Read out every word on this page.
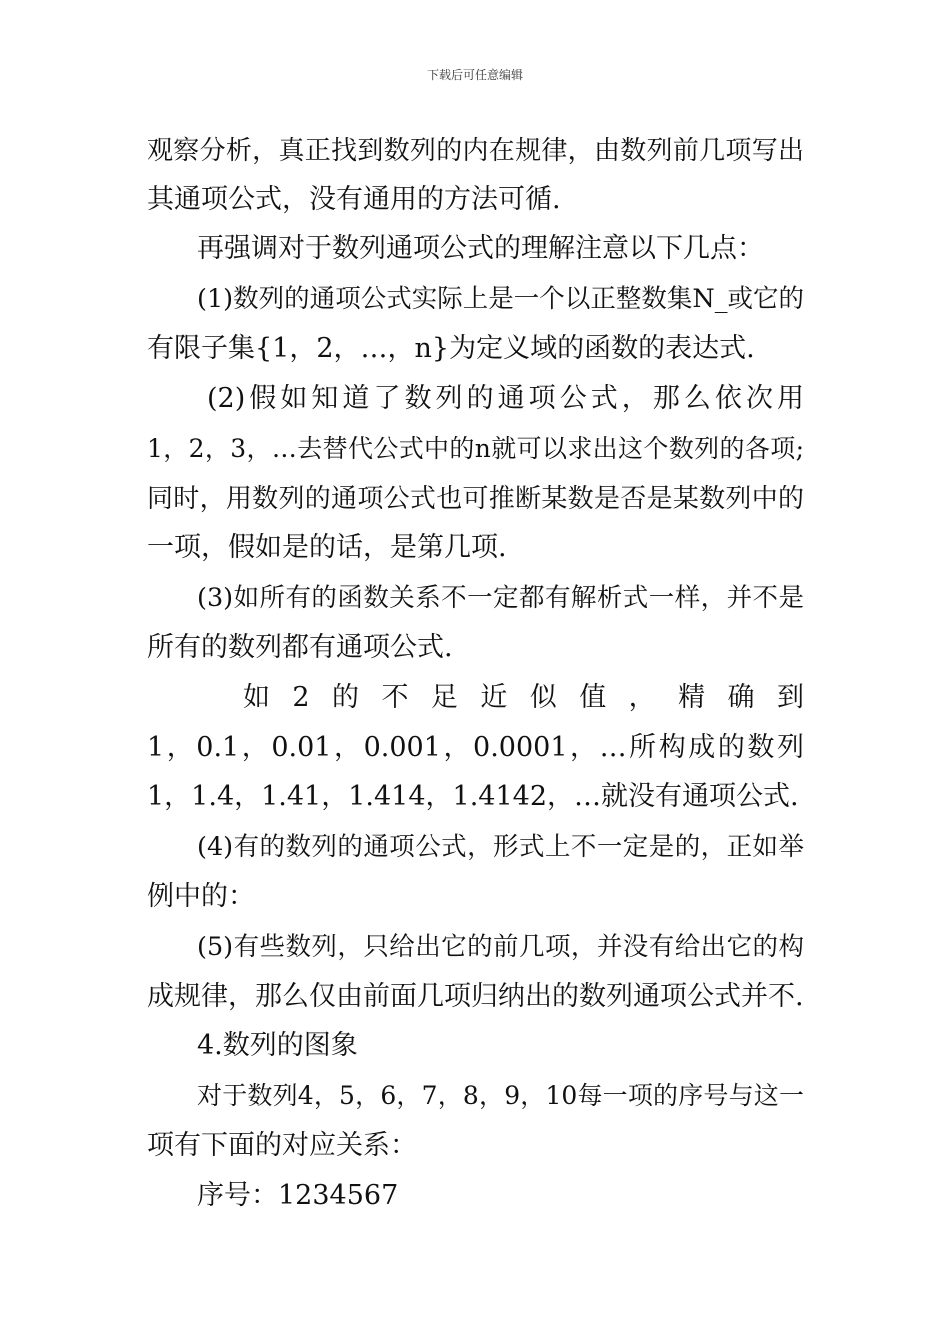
下载后可任意编辑
观察分析，真正找到数列的内在规律，由数列前几项写出
其通项公式，没有通用的方法可循.
再强调对于数列通项公式的理解注意以下几点：
(1)数列的通项公式实际上是一个以正整数集N_或它的
有限子集{1，2，…，n}为定义域的函数的表达式.
(2)假如知道了数列的通项公式，那么依次用
1，2，3，…去替代公式中的n就可以求出这个数列的各项;
同时，用数列的通项公式也可推断某数是否是某数列中的
一项，假如是的话，是第几项.
(3)如所有的函数关系不一定都有解析式一样，并不是
所有的数列都有通项公式.
如2的不足近似值，精确到
1，0.1，0.01，0.001，0.0001，…所构成的数列
1，1.4，1.41，1.414，1.4142，…就没有通项公式.
(4)有的数列的通项公式，形式上不一定是的，正如举
例中的：
(5)有些数列，只给出它的前几项，并没有给出它的构
成规律，那么仅由前面几项归纳出的数列通项公式并不.
4.数列的图象
对于数列4，5，6，7，8，9，10每一项的序号与这一
项有下面的对应关系：
序号：1234567
